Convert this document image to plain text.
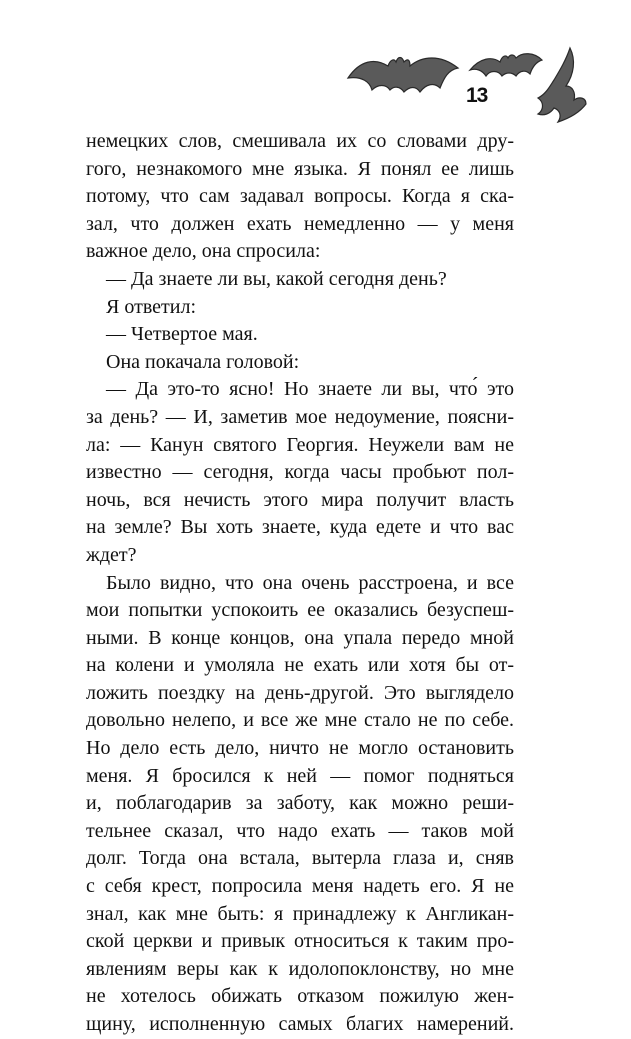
13
немецких слов, смешивала их со словами дру-
гого, незнакомого мне языка. Я понял ее лишь
потому, что сам задавал вопросы. Когда я ска-
зал, что должен ехать немедленно — у меня
важное дело, она спросила:
— Да знаете ли вы, какой сегодня день?
Я ответил:
— Четвертое мая.
Она покачала головой:
— Да это-то ясно! Но знаете ли вы, что́ это
за день? — И, заметив мое недоумение, поясни-
ла: — Канун святого Георгия. Неужели вам не
известно — сегодня, когда часы пробьют пол-
ночь, вся нечисть этого мира получит власть
на земле? Вы хоть знаете, куда едете и что вас
ждет?
Было видно, что она очень расстроена, и все
мои попытки успокоить ее оказались безуспеш-
ными. В конце концов, она упала передо мной
на колени и умоляла не ехать или хотя бы от-
ложить поездку на день-другой. Это выглядело
довольно нелепо, и все же мне стало не по себе.
Но дело есть дело, ничто не могло остановить
меня. Я бросился к ней — помог подняться
и, поблагодарив за заботу, как можно реши-
тельнее сказал, что надо ехать — таков мой
долг. Тогда она встала, вытерла глаза и, сняв
с себя крест, попросила меня надеть его. Я не
знал, как мне быть: я принадлежу к Англикан-
ской церкви и привык относиться к таким про-
явлениям веры как к идолопоклонству, но мне
не хотелось обижать отказом пожилую жен-
щину, исполненную самых благих намерений.
